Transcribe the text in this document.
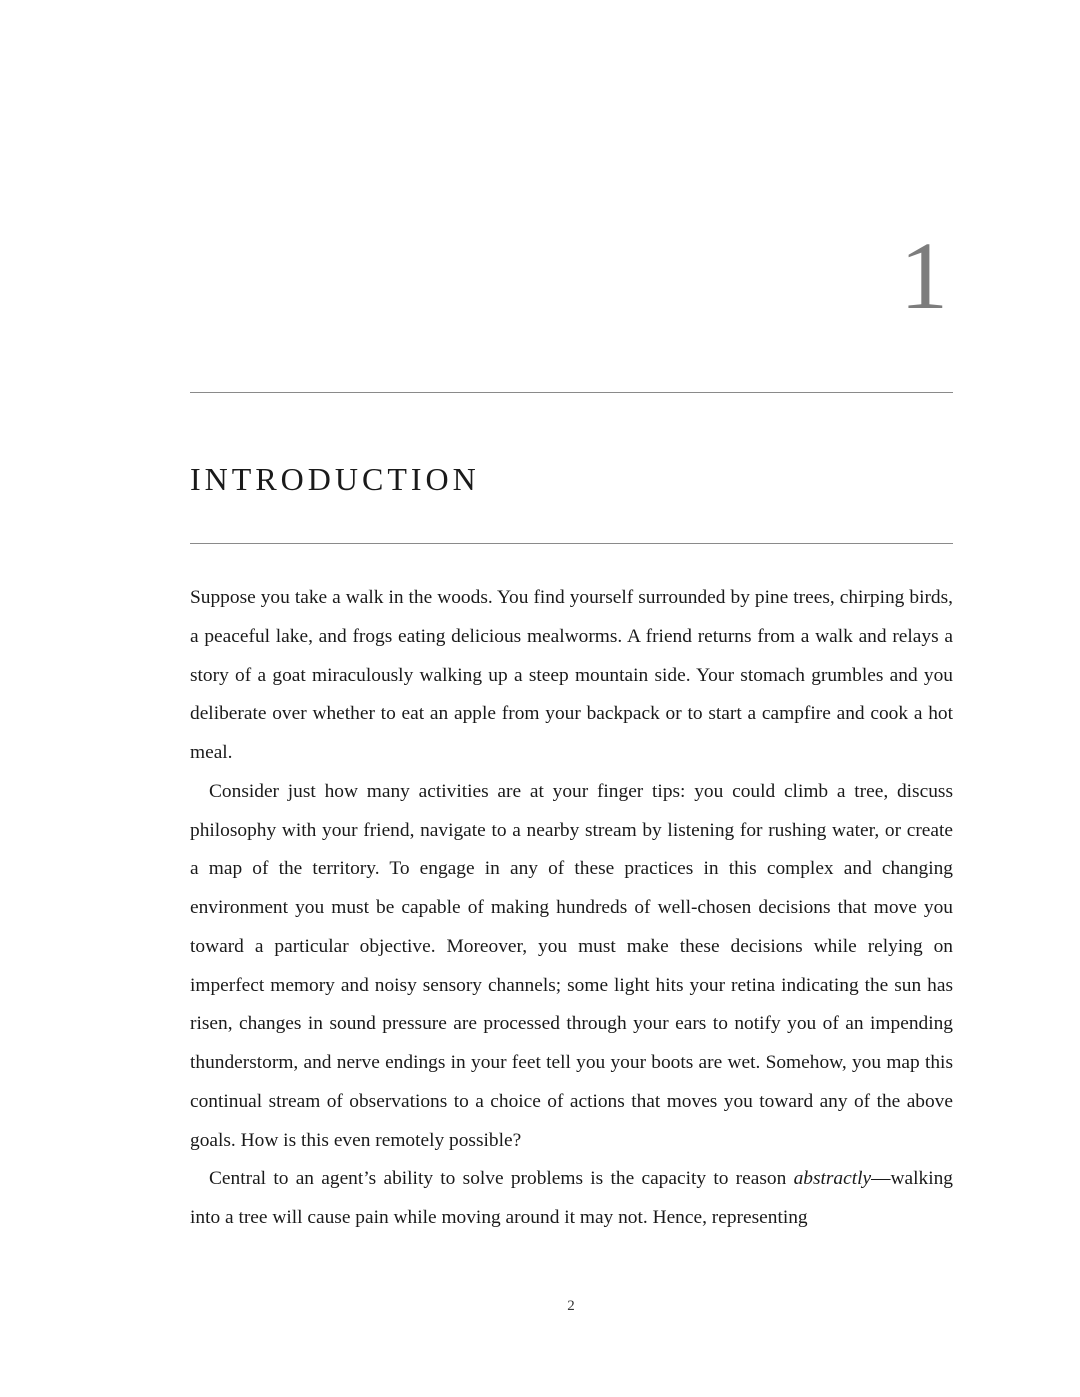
1
INTRODUCTION

Suppose you take a walk in the woods. You find yourself surrounded by pine trees, chirping birds, a peaceful lake, and frogs eating delicious mealworms. A friend returns from a walk and relays a story of a goat miraculously walking up a steep mountain side. Your stomach grumbles and you deliberate over whether to eat an apple from your backpack or to start a campfire and cook a hot meal.

Consider just how many activities are at your finger tips: you could climb a tree, discuss philosophy with your friend, navigate to a nearby stream by listening for rushing water, or create a map of the territory. To engage in any of these practices in this complex and changing environment you must be capable of making hundreds of well-chosen decisions that move you toward a particular objective. Moreover, you must make these decisions while relying on imperfect memory and noisy sensory channels; some light hits your retina indicating the sun has risen, changes in sound pressure are processed through your ears to notify you of an impending thunderstorm, and nerve endings in your feet tell you your boots are wet. Somehow, you map this continual stream of observations to a choice of actions that moves you toward any of the above goals. How is this even remotely possible?

Central to an agent’s ability to solve problems is the capacity to reason abstractly—walking into a tree will cause pain while moving around it may not. Hence, representing

2
